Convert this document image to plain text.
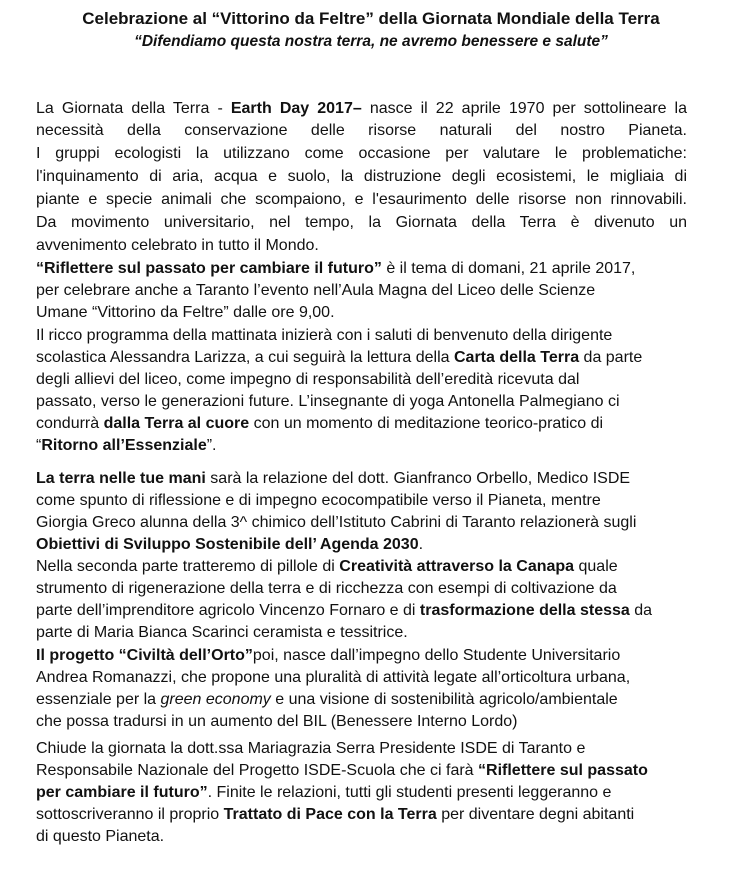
Celebrazione al “Vittorino da Feltre” della Giornata Mondiale della Terra
“Difendiamo questa nostra terra, ne avremo benessere e salute”
La Giornata della Terra - Earth Day 2017– nasce il 22 aprile 1970 per sottolineare la
necessità della conservazione delle risorse naturali del nostro Pianeta.
I gruppi ecologisti la utilizzano come occasione per valutare le problematiche:
l'inquinamento di aria, acqua e suolo, la distruzione degli ecosistemi, le migliaia di
piante e specie animali che scompaiono, e l'esaurimento delle risorse non rinnovabili.
Da movimento universitario, nel tempo, la Giornata della Terra è divenuto un
avvenimento celebrato in tutto il Mondo.
“Riflettere sul passato per cambiare il futuro” è il tema di domani, 21 aprile 2017,
per celebrare anche a Taranto l’evento nell’Aula Magna del Liceo delle Scienze
Umane “Vittorino da Feltre” dalle ore 9,00.
Il ricco programma della mattinata inizierà con i saluti di benvenuto della dirigente
scolastica Alessandra Larizza, a cui seguirà la lettura della Carta della Terra da parte
degli allievi del liceo, come impegno di responsabilità dell’eredità ricevuta dal
passato, verso le generazioni future. L’insegnante di yoga Antonella Palmegiano ci
condurrà dalla Terra al cuore con un momento di meditazione teorico-pratico di
“Ritorno all’Essenziale”.
La terra nelle tue mani sarà la relazione del dott. Gianfranco Orbello, Medico ISDE
come spunto di riflessione e di impegno ecocompatibile verso il Pianeta, mentre
Giorgia Greco alunna della 3^ chimico dell’Istituto Cabrini di Taranto relazionerà sugli
Obiettivi di Sviluppo Sostenibile dell’ Agenda 2030.
Nella seconda parte tratteremo di pillole di Creatività attraverso la Canapa quale
strumento di rigenerazione della terra e di ricchezza con esempi di coltivazione da
parte dell’imprenditore agricolo Vincenzo Fornaro e di trasformazione della stessa da
parte di Maria Bianca Scarinci ceramista e tessitrice.
Il progetto “Civiltà dell’Orto”poi, nasce dall’impegno dello Studente Universitario
Andrea Romanazzi, che propone una pluralità di attività legate all’orticoltura urbana,
essenziale per la green economy e una visione di sostenibilità agricolo/ambientale
che possa tradursi in un aumento del BIL (Benessere Interno Lordo)
Chiude la giornata la dott.ssa Mariagrazia Serra Presidente ISDE di Taranto e
Responsabile Nazionale del Progetto ISDE-Scuola che ci farà “Riflettere sul passato
per cambiare il futuro”. Finite le relazioni, tutti gli studenti presenti leggeranno e
sottoscriveranno il proprio Trattato di Pace con la Terra per diventare degni abitanti
di questo Pianeta.
